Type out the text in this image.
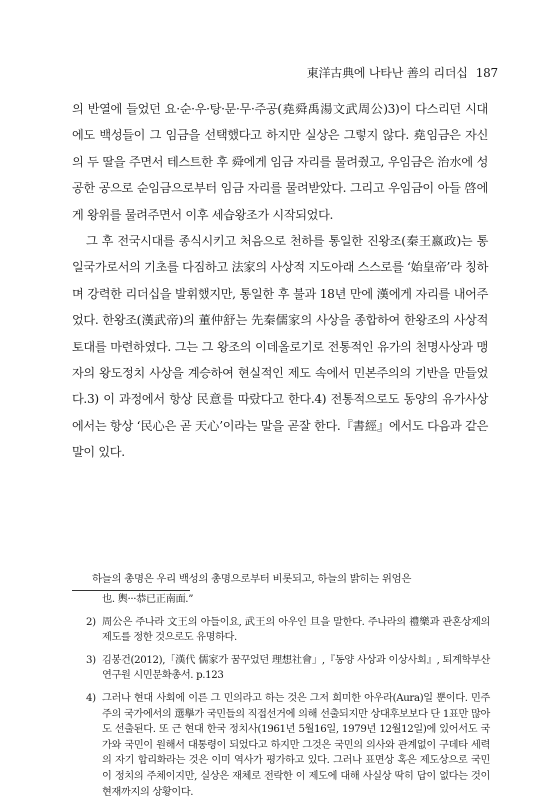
東洋古典에 나타난 善의 리더십 187

의 반열에 들었던 요·순·우·탕·문·무·주공(堯舜禹湯文武周公)3)이 다스리던 시대에도 백성들이 그 임금을 선택했다고 하지만 실상은 그렇지 않다. 堯임금은 자신의 두 딸을 주면서 테스트한 후 舜에게 임금 자리를 물려줬고, 우임금은 治水에 성공한 공으로 순임금으로부터 임금 자리를 물려받았다. 그리고 우임금이 아들 啓에게 왕위를 물려주면서 이후 세습왕조가 시작되었다.

그 후 전국시대를 종식시키고 처음으로 천하를 통일한 진왕조(秦王嬴政)는 통일국가로서의 기초를 다짐하고 法家의 사상적 지도아래 스스로를 ‘始皇帝’라 칭하며 강력한 리더십을 발휘했지만, 통일한 후 불과 18년 만에 漢에게 자리를 내어주었다. 한왕조(漢武帝)의 董仲舒는 先秦儒家의 사상을 종합하여 한왕조의 사상적 토대를 마련하였다. 그는 그 왕조의 이데올로기로 전통적인 유가의 천명사상과 맹자의 왕도정치 사상을 계승하여 현실적인 제도 속에서 민본주의의 기반을 만들었다.3) 이 과정에서 항상 民意를 따랐다고 한다.4) 전통적으로도 동양의 유가사상에서는 항상 ‘民心은 곧 天心’이라는 말을 곧잘 한다.『書經』에서도 다음과 같은 말이 있다.

하늘의 총명은 우리 백성의 총명으로부터 비롯되고, 하늘의 밝히는 위엄은
也. 輿···恭已正南面.”
2) 周公은 주나라 文王의 아들이요, 武王의 아우인 旦을 말한다. 주나라의 禮樂과 관혼상제의 제도를 정한 것으로도 유명하다.
3) 김봉건(2012),「漢代 儒家가 꿈꾸었던 理想社會」,『동양 사상과 이상사회』, 퇴계학부산연구원 시민문화총서. p.123
4) 그러나 현대 사회에 이른 그 민의라고 하는 것은 그저 희미한 아우라(Aura)일 뿐이다. 민주주의 국가에서의 選擧가 국민들의 직접선거에 의해 선출되지만 상대후보보다 단 1표만 많아도 선출된다. 또 근 현대 한국 정치사(1961년 5월16일, 1979년 12월12일)에 있어서도 국가와 국민이 원해서 대통령이 되었다고 하지만 그것은 국민의 의사와 관계없이 구데타 세력의 자기 합리화라는 것은 이미 역사가 평가하고 있다. 그러나 표면상 혹은 제도상으로 국민이 정치의 주체이지만, 실상은 재체로 전락한 이 제도에 대해 사실상 딱히 답이 없다는 것이 현재까지의 상황이다.
